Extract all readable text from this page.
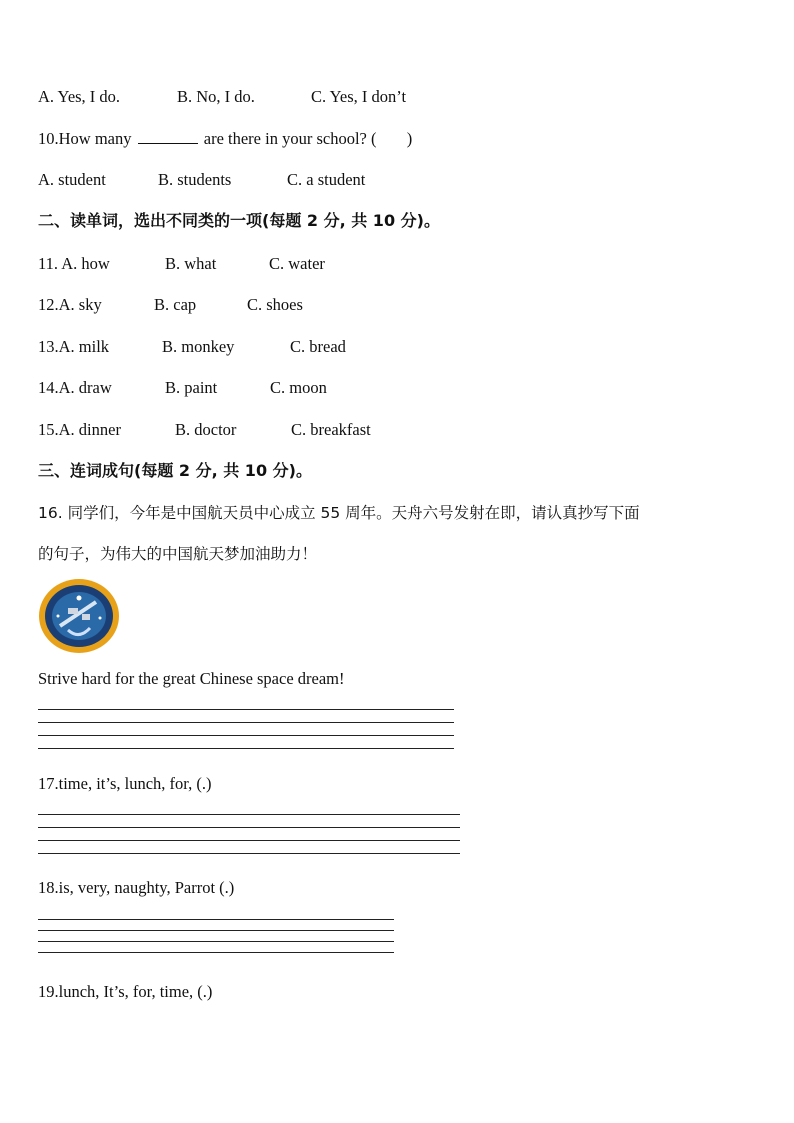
A. Yes, I do.	B. No, I do.	C. Yes, I don’t
10.How many	are there in your school? ( )
A. student	B. students	C. a student
二、读单词，选出不同类的一项(每题 2 分, 共 10 分)。
11. A. how	B. what	C. water
12.A. sky	B. cap	C. shoes
13.A. milk	B. monkey	C. bread
14.A. draw	B. paint	C. moon
15.A. dinner	B. doctor	C. breakfast
三、连词成句(每题 2 分, 共 10 分)。
16. 同学们，今年是中国航天员中心成立 55 周年。天舟六号发射在即，请认真抄写下面
的句子，为伟大的中国航天梦加油助力！
Strive hard for the great Chinese space dream!
17.time, it’s, lunch, for, (.)
18.is, very, naughty, Parrot (.)
19.lunch, It’s, for, time, (.)
